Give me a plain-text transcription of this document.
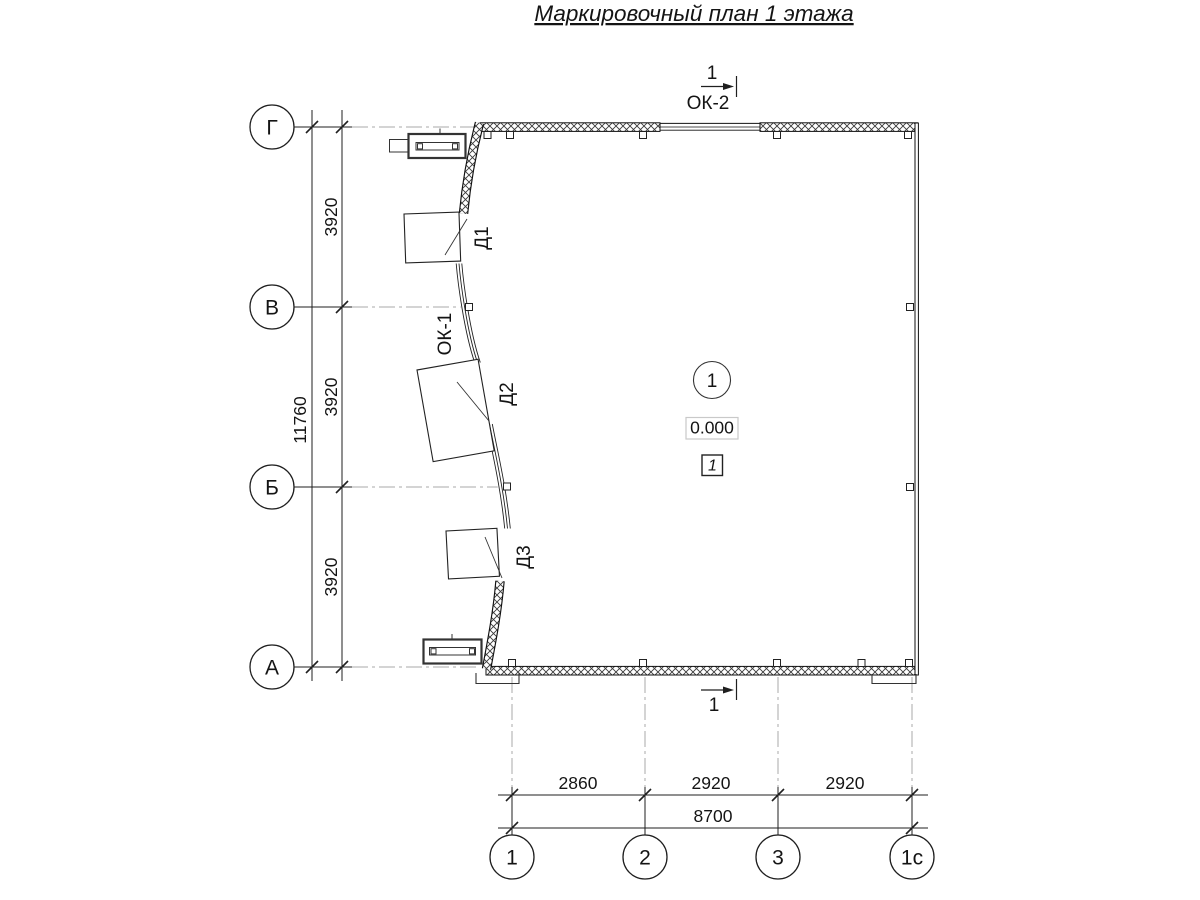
Маркировочный план 1 этажа
3920
3920
3920
11760
2860	2920	2920
8700
Г
В
Б
А
1	2	3	1с
1
ОК-2
1
Д1
Д2
Д3
ОК-1
1
0.000
1
